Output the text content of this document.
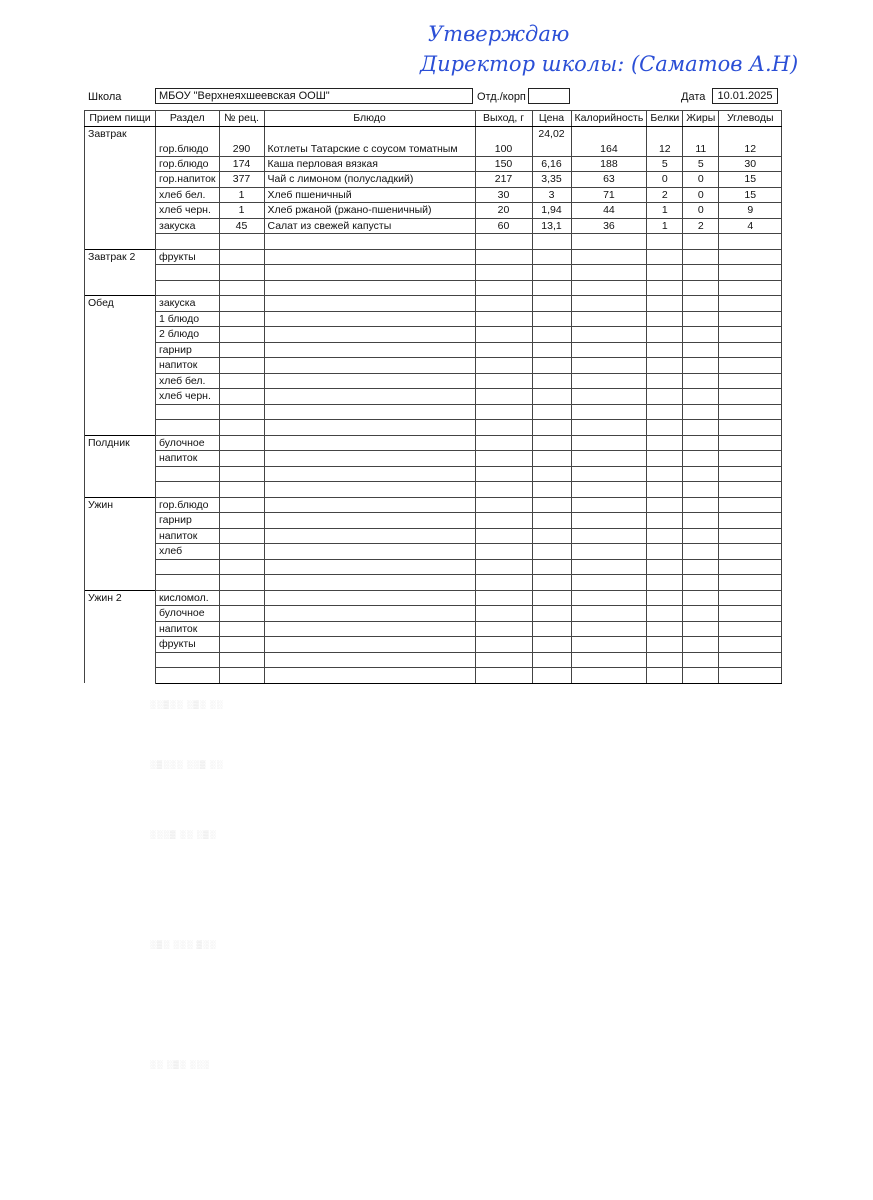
Утверждаю
Директор школы: (Саматов А.Н)
Школа	МБОУ "Верхнеяхшеевская ООШ"	Отд./корп	Дата	10.01.2025
Прием пищи	Раздел	№ рец.	Блюдо	Выход, г	Цена	Калорийность	Белки	Жиры	Углеводы
Завтрак	гор.блюдо	290	Котлеты Татарские с соусом томатным	100	24,02	164	12	11	12
	гор.блюдо	174	Каша перловая вязкая	150	6,16	188	5	5	30
	гор.напиток	377	Чай с лимоном (полусладкий)	217	3,35	63	0	0	15
	хлеб бел.	1	Хлеб пшеничный	30	3	71	2	0	15
	хлеб черн.	1	Хлеб ржаной (ржано-пшеничный)	20	1,94	44	1	0	9
	закуска	45	Салат из свежей капусты	60	13,1	36	1	2	4

Завтрак 2	фрукты								

Обед	закуска								
	1 блюдо								
	2 блюдо								
	гарнир								
	напиток								
	хлеб бел.								
	хлеб черн.								

Полдник	булочное								
	напиток								

Ужин	гор.блюдо								
	гарнир								
	напиток								
	хлеб								

Ужин 2	кисломол.								
	булочное								
	напиток								
	фрукты								

░░▒░░ ░▒░ ░░
░▒░░░ ░░▒ ░░
░░░▒ ░░ ░▒░
░▒░ ░░░ ▒░░
░░ ░▒░ ░░░
